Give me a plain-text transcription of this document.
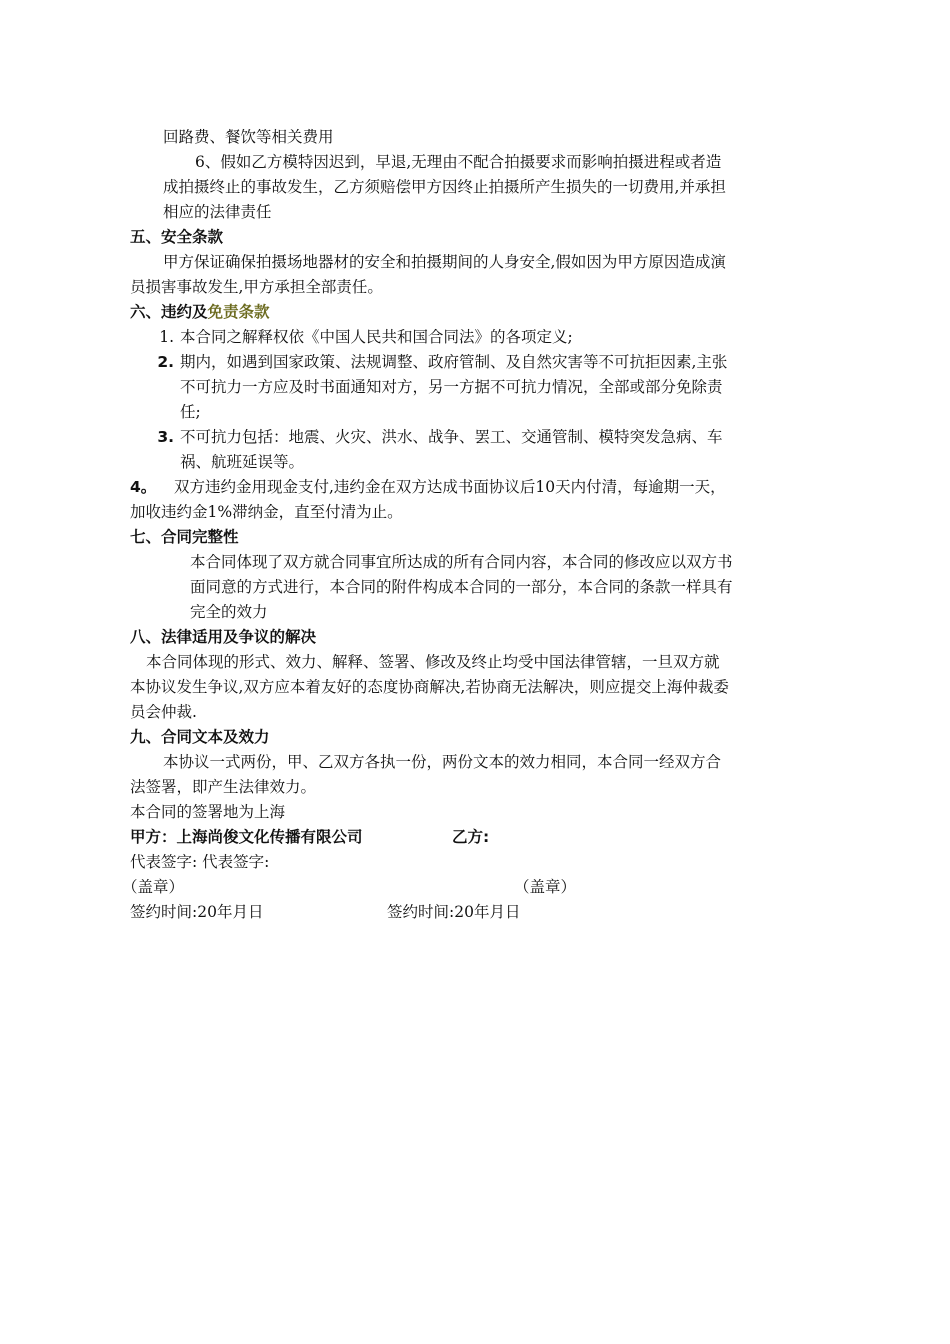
回路费、餐饮等相关费用
6、假如乙方模特因迟到，早退,无理由不配合拍摄要求而影响拍摄进程或者造
成拍摄终止的事故发生，乙方须赔偿甲方因终止拍摄所产生损失的一切费用,并承担
相应的法律责任
五、安全条款
甲方保证确保拍摄场地器材的安全和拍摄期间的人身安全,假如因为甲方原因造成演
员损害事故发生,甲方承担全部责任。
六、违约及免责条款
1. 本合同之解释权依《中国人民共和国合同法》的各项定义;
2. 期内，如遇到国家政策、法规调整、政府管制、及自然灾害等不可抗拒因素,主张
不可抗力一方应及时书面通知对方，另一方据不可抗力情况，全部或部分免除责
任;
3. 不可抗力包括：地震、火灾、洪水、战争、罢工、交通管制、模特突发急病、车
祸、航班延误等。
4。 双方违约金用现金支付,违约金在双方达成书面协议后10天内付清，每逾期一天，
加收违约金1%滞纳金，直至付清为止。
七、合同完整性
本合同体现了双方就合同事宜所达成的所有合同内容，本合同的修改应以双方书
面同意的方式进行，本合同的附件构成本合同的一部分，本合同的条款一样具有
完全的效力
八、法律适用及争议的解决
本合同体现的形式、效力、解释、签署、修改及终止均受中国法律管辖，一旦双方就
本协议发生争议,双方应本着友好的态度协商解决,若协商无法解决，则应提交上海仲裁委
员会仲裁.
九、合同文本及效力
本协议一式两份，甲、乙双方各执一份，两份文本的效力相同，本合同一经双方合
法签署，即产生法律效力。
本合同的签署地为上海
甲方：上海尚俊文化传播有限公司	乙方:
代表签字: 代表签字:
（盖章）	（盖章）
签约时间:20年月日	签约时间:20年月日
